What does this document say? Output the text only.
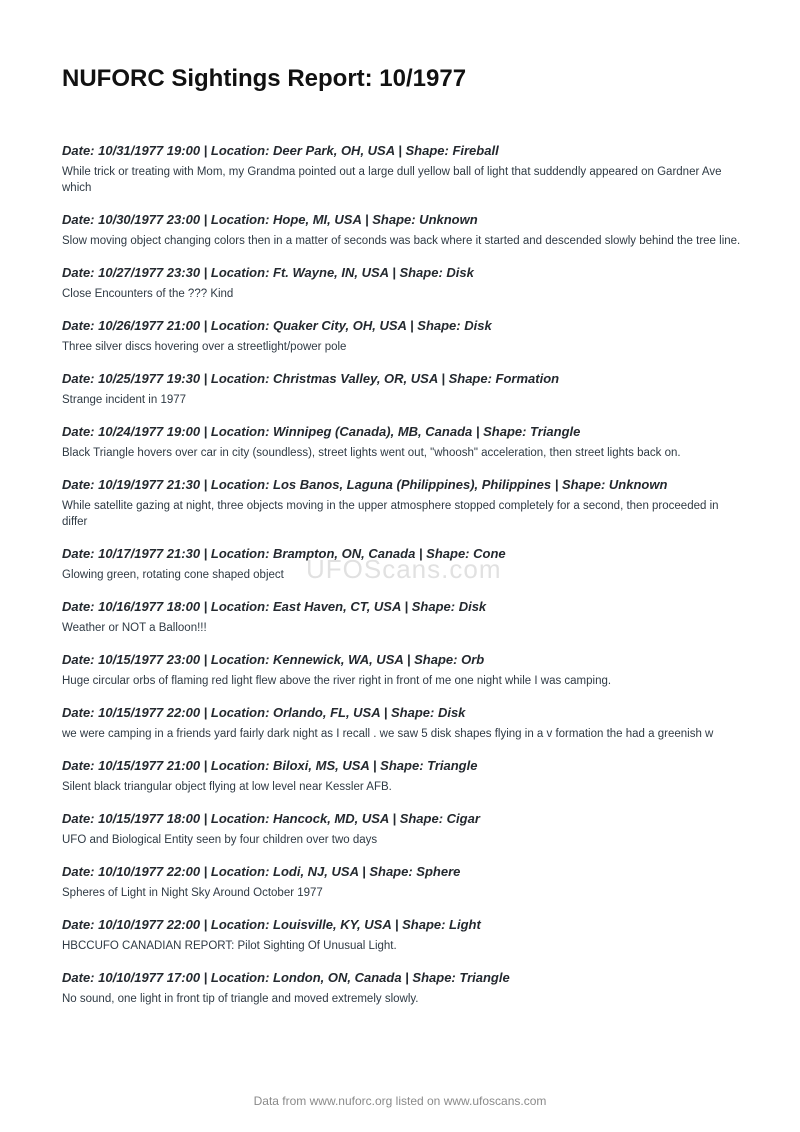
NUFORC Sightings Report: 10/1977
Date: 10/31/1977 19:00 | Location: Deer Park, OH, USA | Shape: Fireball
While trick or treating with Mom, my Grandma pointed out a large dull yellow ball of light that suddendly appeared on Gardner Ave which
Date: 10/30/1977 23:00 | Location: Hope, MI, USA | Shape: Unknown
Slow moving object changing colors then in a matter of seconds was back where it started and descended slowly behind the tree line.
Date: 10/27/1977 23:30 | Location: Ft. Wayne, IN, USA | Shape: Disk
Close Encounters of the ??? Kind
Date: 10/26/1977 21:00 | Location: Quaker City, OH, USA | Shape: Disk
Three silver discs hovering over a streetlight/power pole
Date: 10/25/1977 19:30 | Location: Christmas Valley, OR, USA | Shape: Formation
Strange incident in 1977
Date: 10/24/1977 19:00 | Location: Winnipeg (Canada), MB, Canada | Shape: Triangle
Black Triangle hovers over car in city (soundless), street lights went out, "whoosh" acceleration, then street lights back on.
Date: 10/19/1977 21:30 | Location: Los Banos, Laguna (Philippines), Philippines | Shape: Unknown
While satellite gazing at night, three objects moving in the upper atmosphere stopped completely for a second, then proceeded in differ
Date: 10/17/1977 21:30 | Location: Brampton, ON, Canada | Shape: Cone
Glowing green, rotating cone shaped object
Date: 10/16/1977 18:00 | Location: East Haven, CT, USA | Shape: Disk
Weather or NOT a Balloon!!!
Date: 10/15/1977 23:00 | Location: Kennewick, WA, USA | Shape: Orb
Huge circular orbs of flaming red light flew above the river right in front of me one night while I was camping.
Date: 10/15/1977 22:00 | Location: Orlando, FL, USA | Shape: Disk
we were camping in a friends yard fairly dark night as I recall . we saw 5 disk shapes flying in a v formation the had a greenish w
Date: 10/15/1977 21:00 | Location: Biloxi, MS, USA | Shape: Triangle
Silent black triangular object flying at low level near Kessler AFB.
Date: 10/15/1977 18:00 | Location: Hancock, MD, USA | Shape: Cigar
UFO and Biological Entity seen by four children over two days
Date: 10/10/1977 22:00 | Location: Lodi, NJ, USA | Shape: Sphere
Spheres of Light in Night Sky Around October 1977
Date: 10/10/1977 22:00 | Location: Louisville, KY, USA | Shape: Light
HBCCUFO CANADIAN REPORT: Pilot Sighting Of Unusual Light.
Date: 10/10/1977 17:00 | Location: London, ON, Canada | Shape: Triangle
No sound, one light in front tip of triangle and moved extremely slowly.
UFOScans.com
Data from www.nuforc.org listed on www.ufoscans.com
